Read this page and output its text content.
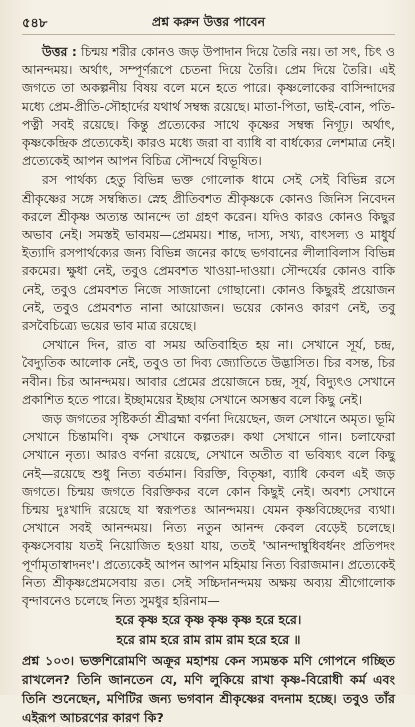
৫৪৮	প্রশ্ন করুন উত্তর পাবেন

উত্তর : চিন্ময় শরীর কোনও জড় উপাদান দিয়ে তৈরি নয়। তা সৎ, চিৎ ও আনন্দময়। অর্থাৎ, সম্পূর্ণরূপে চেতনা দিয়ে তৈরি। প্রেম দিয়ে তৈরি। এই জগতে তা অকল্পনীয় বিষয় বলে মনে হতে পারে। কৃষ্ণলোকের বাসিন্দাদের মধ্যে প্রেম-প্রীতি-সৌহার্দের যথার্থ সম্বন্ধ রয়েছে। মাতা-পিতা, ভাই-বোন, পতি-পত্নী সবই রয়েছে। কিন্তু প্রত্যেকের সাথে কৃষ্ণের সম্বন্ধ নিগূঢ়। অর্থাৎ, কৃষ্ণকেন্দ্রিক প্রত্যেকেই। কারও মধ্যে জরা বা ব্যাধি বা বার্ধক্যের লেশমাত্র নেই। প্রত্যেকেই আপন আপন বিচিত্র সৌন্দর্যে বিভূষিত।

রস পার্থক্য হেতু বিভিন্ন ভক্ত গোলোক ধামে সেই সেই বিভিন্ন রসে শ্রীকৃষ্ণের সঙ্গে সম্বন্ধিত। স্নেহ প্রীতিবশত শ্রীকৃষ্ণকে কোনও জিনিস নিবেদন করলে শ্রীকৃষ্ণ অত্যন্ত আনন্দে তা গ্রহণ করেন। যদিও কারও কোনও কিছুর অভাব নেই। সমস্তই ভাবময়—প্রেমময়। শান্ত, দাস্য, সখ্য, বাৎসল্য ও মাধুর্য ইত্যাদি রসপার্থক্যের জন্য বিভিন্ন জনের কাছে ভগবানের লীলাবিলাস বিভিন্ন রকমের। ক্ষুধা নেই, তবুও প্রেমবশত খাওয়া-দাওয়া। সৌন্দর্যের কোনও বাকি নেই, তবুও প্রেমবশত নিজে সাজানো গোছানো। কোনও কিছুরই প্রয়োজন নেই, তবুও প্রেমবশত নানা আয়োজন। ভয়ের কোনও কারণ নেই, তবু রসবৈচিত্র্যে ভয়ের ভাব মাত্র রয়েছে।

সেখানে দিন, রাত বা সময় অতিবাহিত হয় না। সেখানে সূর্য, চন্দ্র, বৈদ্যুতিক আলোক নেই, তবুও তা দিব্য জ্যোতিতে উদ্ভাসিত। চির বসন্ত, চির নবীন। চির আনন্দময়। আবার প্রেমের প্রয়োজনে চন্দ্র, সূর্য, বিদ্যুৎও সেখানে প্রকাশিত হতে পারে। ইচ্ছাময়ের ইচ্ছায় সেখানে অসম্ভব বলে কিছু নেই।

জড় জগতের সৃষ্টিকর্তা শ্রীব্রহ্মা বর্ণনা দিয়েছেন, জল সেখানে অমৃত। ভূমি সেখানে চিন্তামণি। বৃক্ষ সেখানে কল্পতরু। কথা সেখানে গান। চলাফেরা সেখানে নৃত্য। আরও বর্ণনা রয়েছে, সেখানে অতীত বা ভবিষ্যৎ বলে কিছু নেই—রয়েছে শুধু নিত্য বর্তমান। বিরক্তি, বিতৃষ্ণা, ব্যাধি কেবল এই জড় জগতে। চিন্ময় জগতে বিরক্তিকর বলে কোন কিছুই নেই। অবশ্য সেখানে চিন্ময় দুঃখাদি রয়েছে যা স্বরূপতঃ আনন্দময়। যেমন কৃষ্ণবিচ্ছেদের ব্যথা। সেখানে সবই আনন্দময়। নিত্য নতুন আনন্দ কেবল বেড়েই চলেছে। কৃষ্ণসেবায় যতই নিয়োজিত হওয়া যায়, ততই 'আনন্দাম্বুধিবর্ধনং প্রতিপদং পূর্ণামৃতাস্বাদনং'। প্রত্যেকেই আপন আপন মহিমায় নিত্য বিরাজমান। প্রত্যেকেই নিত্য শ্রীকৃষ্ণপ্রেমসেবায় রত। সেই সচ্চিদানন্দময় অক্ষয় অব্যয় শ্রীগোলোক বৃন্দাবনেও চলেছে নিত্য সুমধুর হরিনাম—

হরে কৃষ্ণ হরে কৃষ্ণ কৃষ্ণ কৃষ্ণ হরে হরে।
হরে রাম হরে রাম রাম রাম হরে হরে ॥
প্রশ্ন ১০৩। ভক্তশিরোমণি অক্রূর মহাশয় কেন স্যমন্তক মণি গোপনে গচ্ছিত রাখলেন? তিনি জানতেন যে, মণি লুকিয়ে রাখা কৃষ্ণ-বিরোধী কর্ম এবং তিনি শুনেছেন, মণিটির জন্য ভগবান শ্রীকৃষ্ণের বদনাম হচ্ছে। তবুও তাঁর এইরূপ আচরণের কারণ কি?
